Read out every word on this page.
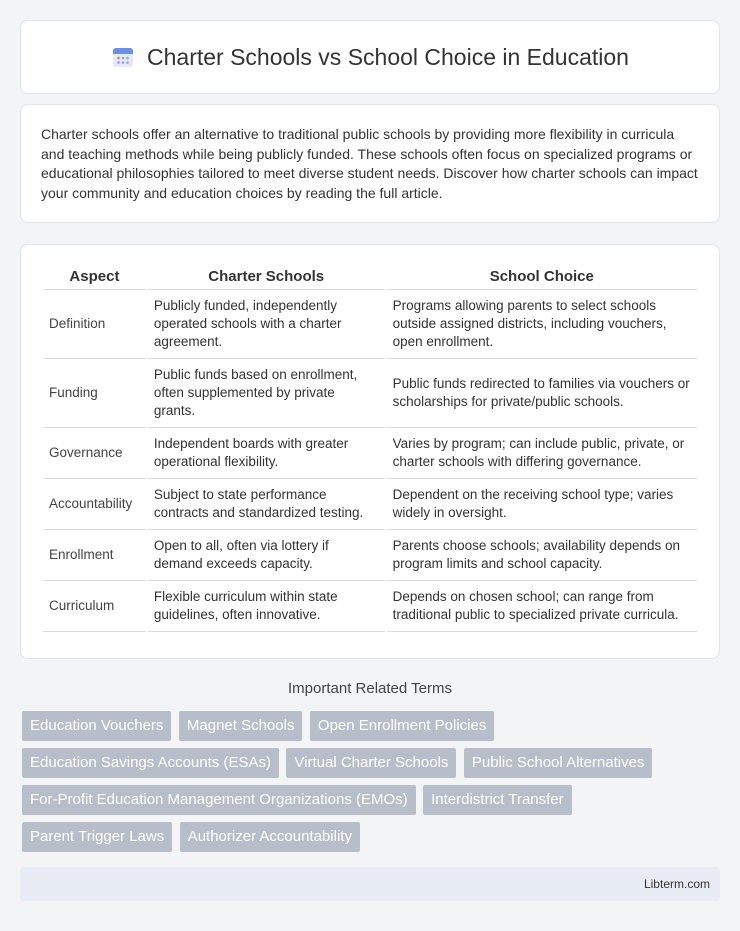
Charter Schools vs School Choice in Education

Charter schools offer an alternative to traditional public schools by providing more flexibility in curricula and teaching methods while being publicly funded. These schools often focus on specialized programs or educational philosophies tailored to meet diverse student needs. Discover how charter schools can impact your community and education choices by reading the full article.

Aspect	Charter Schools	School Choice
Definition	Publicly funded, independently operated schools with a charter agreement.	Programs allowing parents to select schools outside assigned districts, including vouchers, open enrollment.
Funding	Public funds based on enrollment, often supplemented by private grants.	Public funds redirected to families via vouchers or scholarships for private/public schools.
Governance	Independent boards with greater operational flexibility.	Varies by program; can include public, private, or charter schools with differing governance.
Accountability	Subject to state performance contracts and standardized testing.	Dependent on the receiving school type; varies widely in oversight.
Enrollment	Open to all, often via lottery if demand exceeds capacity.	Parents choose schools; availability depends on program limits and school capacity.
Curriculum	Flexible curriculum within state guidelines, often innovative.	Depends on chosen school; can range from traditional public to specialized private curricula.
Important Related Terms
Education Vouchers Magnet Schools Open Enrollment Policies Education Savings Accounts (ESAs) Virtual Charter Schools Public School Alternatives For-Profit Education Management Organizations (EMOs) Interdistrict Transfer Parent Trigger Laws Authorizer Accountability
Libterm.com
